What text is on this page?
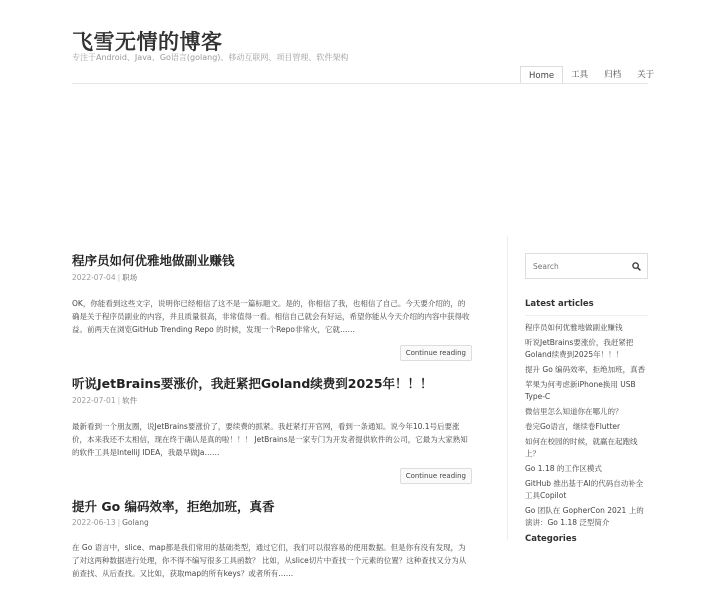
飞雪无情的博客
专注于Android、Java、Go语言(golang)、移动互联网、项目管理、软件架构
Home	工具	归档	关于
程序员如何优雅地做副业赚钱
2022-07-04 | 职场
OK，你能看到这些文字，说明你已经相信了这不是一篇标题文。是的，你相信了我，也相信了自己。今天要介绍的，的确是关于程序员副业的内容，并且质量很高，非常值得一看。相信自己就会有好运，希望你能从今天介绍的内容中获得收益。前两天在浏览GitHub Trending Repo 的时候，发现一个Repo非常火，它就……
Continue reading
听说JetBrains要涨价，我赶紧把Goland续费到2025年！！！
2022-07-01 | 软件
最新看到一个朋友圈，说JetBrains要涨价了，要续费的抓紧。我赶紧打开官网，看到一条通知。说今年10.1号后要涨价，本来我还不太相信，现在终于确认是真的啦！！！ JetBrains是一家专门为开发者提供软件的公司，它最为大家熟知的软件工具是IntelliJ IDEA，我最早做Ja……
Continue reading
提升 Go 编码效率，拒绝加班，真香
2022-06-13 | Golang
在 Go 语言中，slice、map都是我们常用的基础类型，通过它们，我们可以很容易的使用数据。但是你有没有发现，为了对这两种数据进行处理，你不得不编写很多工具函数？ 比如，从slice切片中查找一个元素的位置？这种查找又分为从前查找、从后查找。又比如，获取map的所有keys？或者所有……
Search
Latest articles
程序员如何优雅地做副业赚钱
听说JetBrains要涨价，我赶紧把Goland续费到2025年！！！
提升 Go 编码效率，拒绝加班，真香
苹果为何考虑新iPhone换用 USB Type-C
微信里怎么知道你在哪儿的？
卷完Go语言，继续卷Flutter
如何在校园的时候，就赢在起跑线上？
Go 1.18 的工作区模式
GitHub 推出基于AI的代码自动补全工具Copilot
Go 团队在 GopherCon 2021 上的演讲：Go 1.18 泛型简介
Categories
